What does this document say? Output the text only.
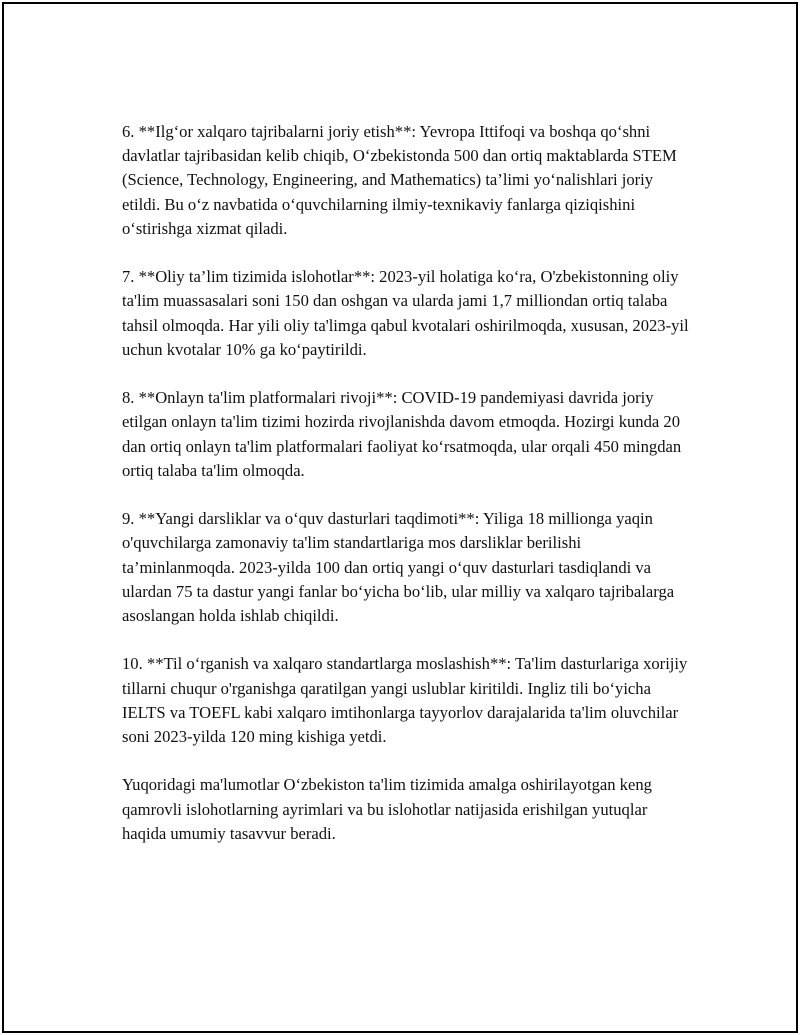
6. **Ilg‘or xalqaro tajribalarni joriy etish**: Yevropa Ittifoqi va boshqa qo‘shni davlatlar tajribasidan kelib chiqib, O‘zbekistonda 500 dan ortiq maktablarda STEM (Science, Technology, Engineering, and Mathematics) ta’limi yo‘nalishlari joriy etildi. Bu o‘z navbatida o‘quvchilarning ilmiy-texnikaviy fanlarga qiziqishini o‘stirishga xizmat qiladi.

7. **Oliy ta’lim tizimida islohotlar**: 2023-yil holatiga ko‘ra, O'zbekistonning oliy ta'lim muassasalari soni 150 dan oshgan va ularda jami 1,7 milliondan ortiq talaba tahsil olmoqda. Har yili oliy ta'limga qabul kvotalari oshirilmoqda, xususan, 2023-yil uchun kvotalar 10% ga ko‘paytirildi.

8. **Onlayn ta'lim platformalari rivoji**: COVID-19 pandemiyasi davrida joriy etilgan onlayn ta'lim tizimi hozirda rivojlanishda davom etmoqda. Hozirgi kunda 20 dan ortiq onlayn ta'lim platformalari faoliyat ko‘rsatmoqda, ular orqali 450 mingdan ortiq talaba ta'lim olmoqda.

9. **Yangi darsliklar va o‘quv dasturlari taqdimoti**: Yiliga 18 millionga yaqin o'quvchilarga zamonaviy ta'lim standartlariga mos darsliklar berilishi ta’minlanmoqda. 2023-yilda 100 dan ortiq yangi o‘quv dasturlari tasdiqlandi va ulardan 75 ta dastur yangi fanlar bo‘yicha bo‘lib, ular milliy va xalqaro tajribalarga asoslangan holda ishlab chiqildi.

10. **Til o‘rganish va xalqaro standartlarga moslashish**: Ta'lim dasturlariga xorijiy tillarni chuqur o'rganishga qaratilgan yangi uslublar kiritildi. Ingliz tili bo‘yicha IELTS va TOEFL kabi xalqaro imtihonlarga tayyorlov darajalarida ta'lim oluvchilar soni 2023-yilda 120 ming kishiga yetdi.

Yuqoridagi ma'lumotlar O‘zbekiston ta'lim tizimida amalga oshirilayotgan keng qamrovli islohotlarning ayrimlari va bu islohotlar natijasida erishilgan yutuqlar haqida umumiy tasavvur beradi.
